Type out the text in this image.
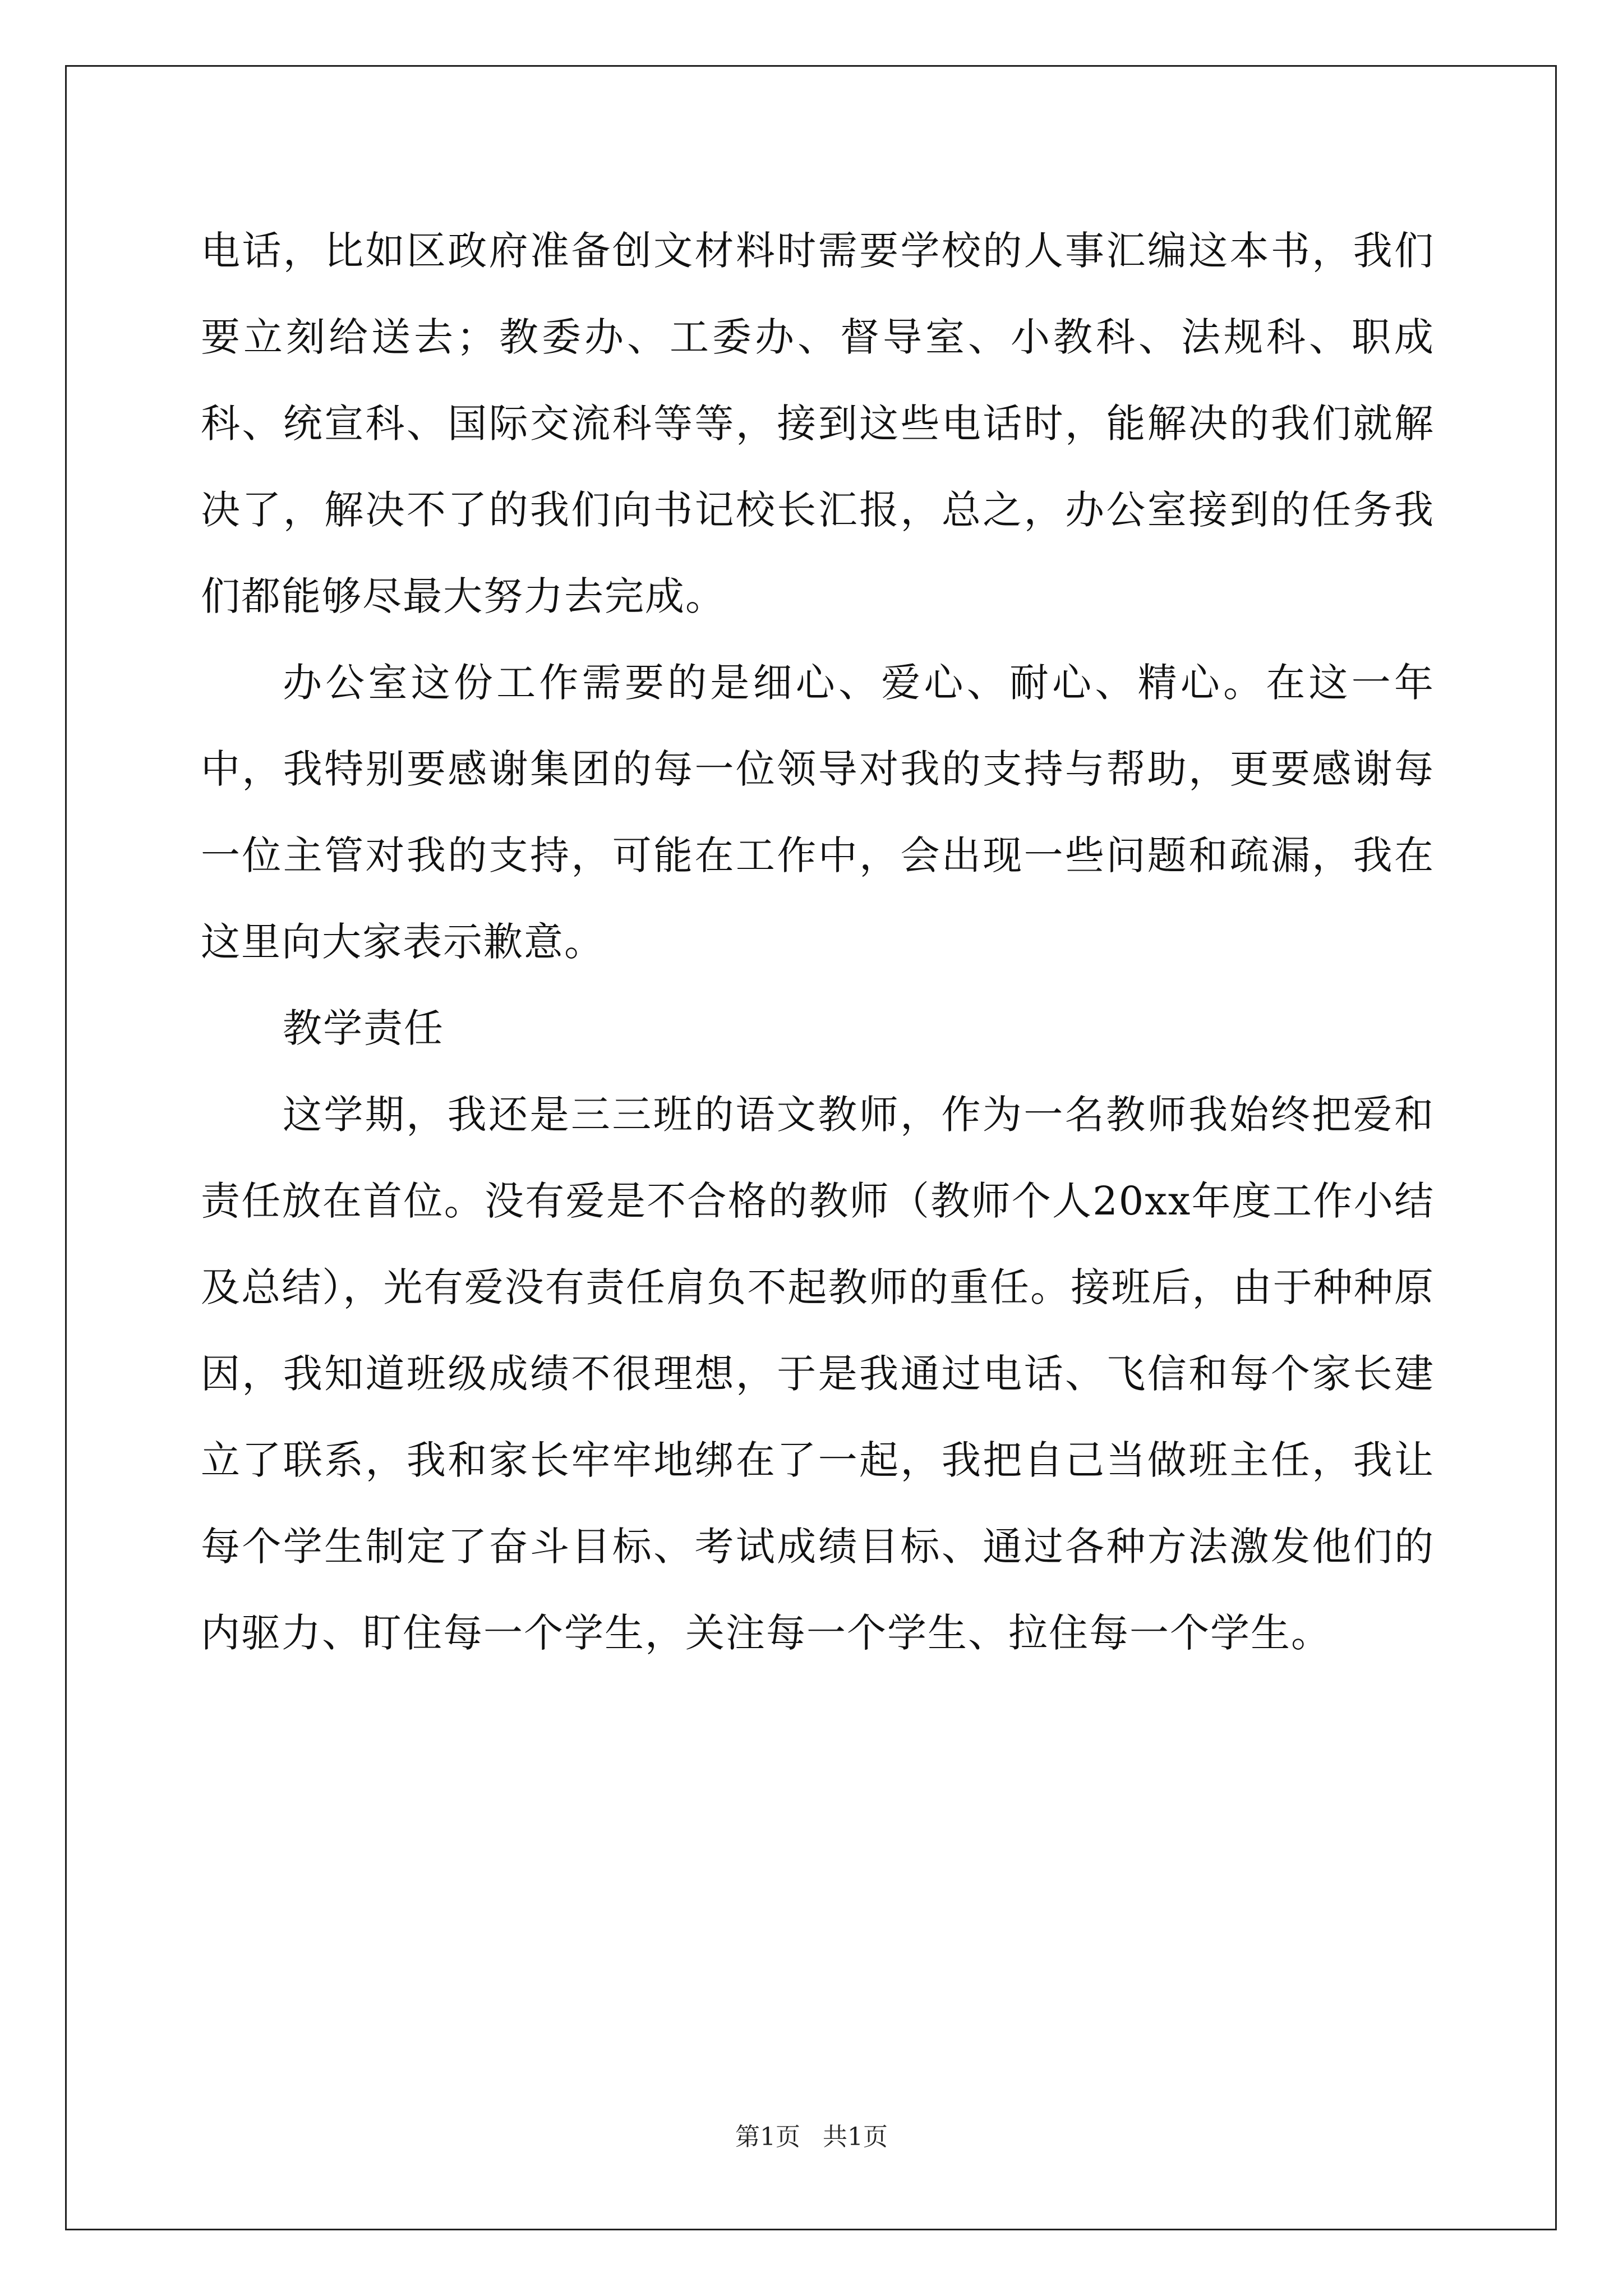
电话，比如区政府准备创文材料时需要学校的人事汇编这本书，我们要立刻给送去；教委办、工委办、督导室、小教科、法规科、职成科、统宣科、国际交流科等等，接到这些电话时，能解决的我们就解决了，解决不了的我们向书记校长汇报，总之，办公室接到的任务我们都能够尽最大努力去完成。

办公室这份工作需要的是细心、爱心、耐心、精心。在这一年中，我特别要感谢集团的每一位领导对我的支持与帮助，更要感谢每一位主管对我的支持，可能在工作中，会出现一些问题和疏漏，我在这里向大家表示歉意。

教学责任

这学期，我还是三三班的语文教师，作为一名教师我始终把爱和责任放在首位。没有爱是不合格的教师（教师个人20xx年度工作小结及总结），光有爱没有责任肩负不起教师的重任。接班后，由于种种原因，我知道班级成绩不很理想，于是我通过电话、飞信和每个家长建立了联系，我和家长牢牢地绑在了一起，我把自己当做班主任，我让每个学生制定了奋斗目标、考试成绩目标、通过各种方法激发他们的内驱力、盯住每一个学生，关注每一个学生、拉住每一个学生。

第1页 共1页
